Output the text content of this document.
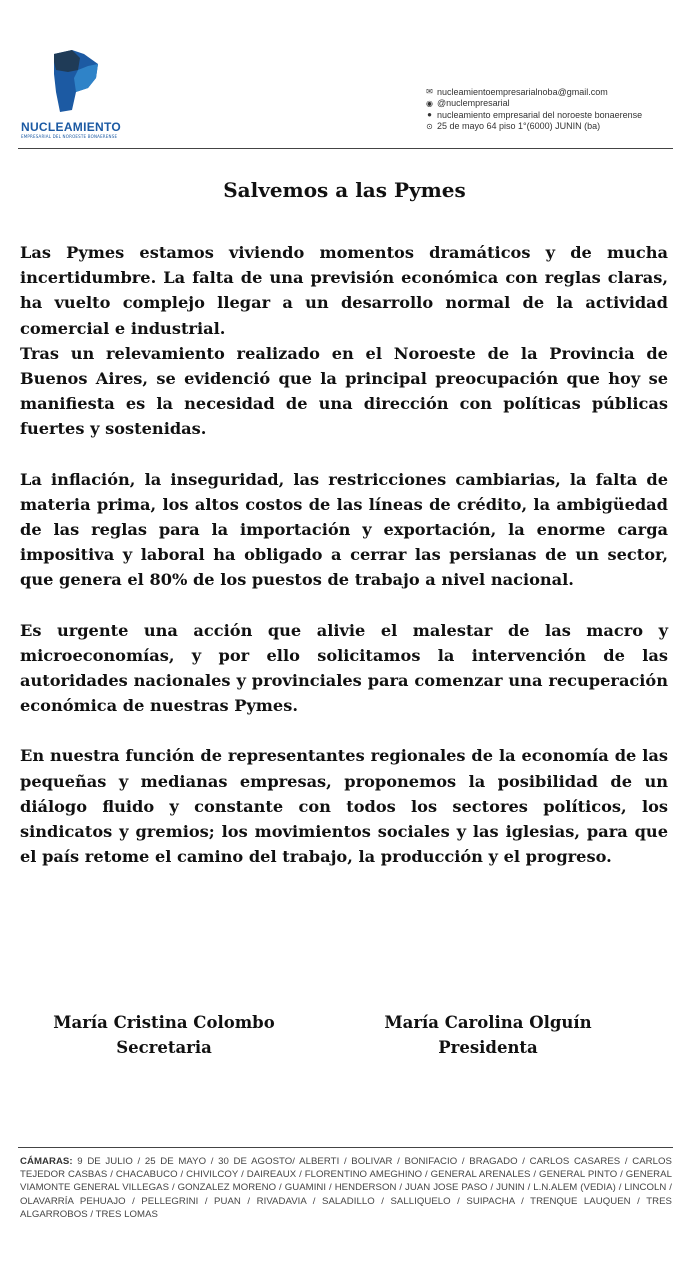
NUCLEAMIENTO
EMPRESARIAL DEL NOROESTE BONAERENSE
✉ nucleamientoempresarialnoba@gmail.com
◉ @nuclempresarial
● nucleamiento empresarial del noroeste bonaerense
⊙ 25 de mayo 64 piso 1°(6000) JUNIN (ba)
Salvemos a las Pymes

Las Pymes estamos viviendo momentos dramáticos y de mucha incertidumbre. La falta de una previsión económica con reglas claras, ha vuelto complejo llegar a un desarrollo normal de la actividad comercial e industrial.

Tras un relevamiento realizado en el Noroeste de la Provincia de Buenos Aires, se evidenció que la principal preocupación que hoy se manifiesta es la necesidad de una dirección con políticas públicas fuertes y sostenidas.

La inflación, la inseguridad, las restricciones cambiarias, la falta de materia prima, los altos costos de las líneas de crédito, la ambigüedad de las reglas para la importación y exportación, la enorme carga impositiva y laboral ha obligado a cerrar las persianas de un sector, que genera el 80% de los puestos de trabajo a nivel nacional.

Es urgente una acción que alivie el malestar de las macro y microeconomías, y por ello solicitamos la intervención de las autoridades nacionales y provinciales para comenzar una recuperación económica de nuestras Pymes.

En nuestra función de representantes regionales de la economía de las pequeñas y medianas empresas, proponemos la posibilidad de un diálogo fluido y constante con todos los sectores políticos, los sindicatos y gremios; los movimientos sociales y las iglesias, para que el país retome el camino del trabajo, la producción y el progreso.

María Cristina Colombo
Secretaria
María Carolina Olguín
Presidenta
CÁMARAS: 9 DE JULIO / 25 DE MAYO / 30 DE AGOSTO/ ALBERTI / BOLIVAR / BONIFACIO / BRAGADO / CARLOS CASARES / CARLOS TEJEDOR CASBAS / CHACABUCO / CHIVILCOY / DAIREAUX / FLORENTINO AMEGHINO / GENERAL ARENALES / GENERAL PINTO / GENERAL VIAMONTE GENERAL VILLEGAS / GONZALEZ MORENO / GUAMINI / HENDERSON / JUAN JOSE PASO / JUNIN / L.N.ALEM (VEDIA) / LINCOLN / OLAVARRÍA PEHUAJO / PELLEGRINI / PUAN / RIVADAVIA / SALADILLO / SALLIQUELO / SUIPACHA / TRENQUE LAUQUEN / TRES ALGARROBOS / TRES LOMAS
